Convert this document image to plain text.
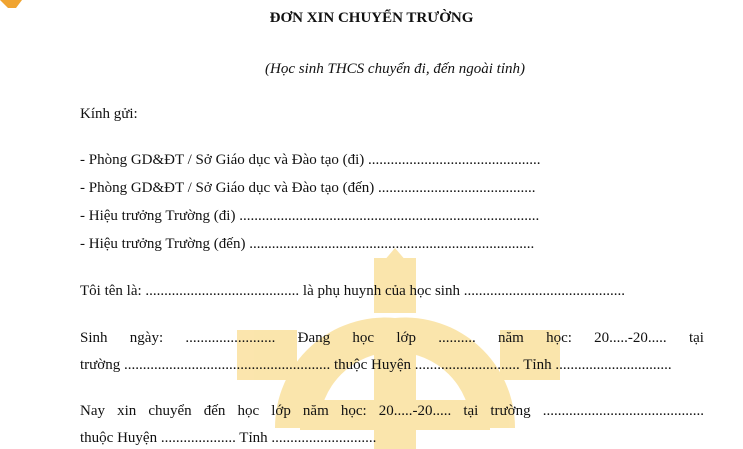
ĐƠN XIN CHUYỂN TRƯỜNG
(Học sinh THCS chuyển đi, đến ngoài tỉnh)
Kính gửi:
- Phòng GD&ĐT / Sở Giáo dục và Đào tạo (đi) ..............................................
- Phòng GD&ĐT / Sở Giáo dục và Đào tạo (đến) ..........................................
- Hiệu trưởng Trường (đi) ................................................................................
- Hiệu trưởng Trường (đến) ............................................................................
Tôi tên là: ......................................... là phụ huynh của học sinh ...........................................
Sinh ngày: ........................ Đang học lớp .......... năm học: 20.....-20..... tại
trường ....................................................... thuộc Huyện ............................ Tỉnh ...............................
Nay xin chuyển đến học lớp năm học: 20.....-20..... tại trường ...........................................
thuộc Huyện .................... Tỉnh ............................
